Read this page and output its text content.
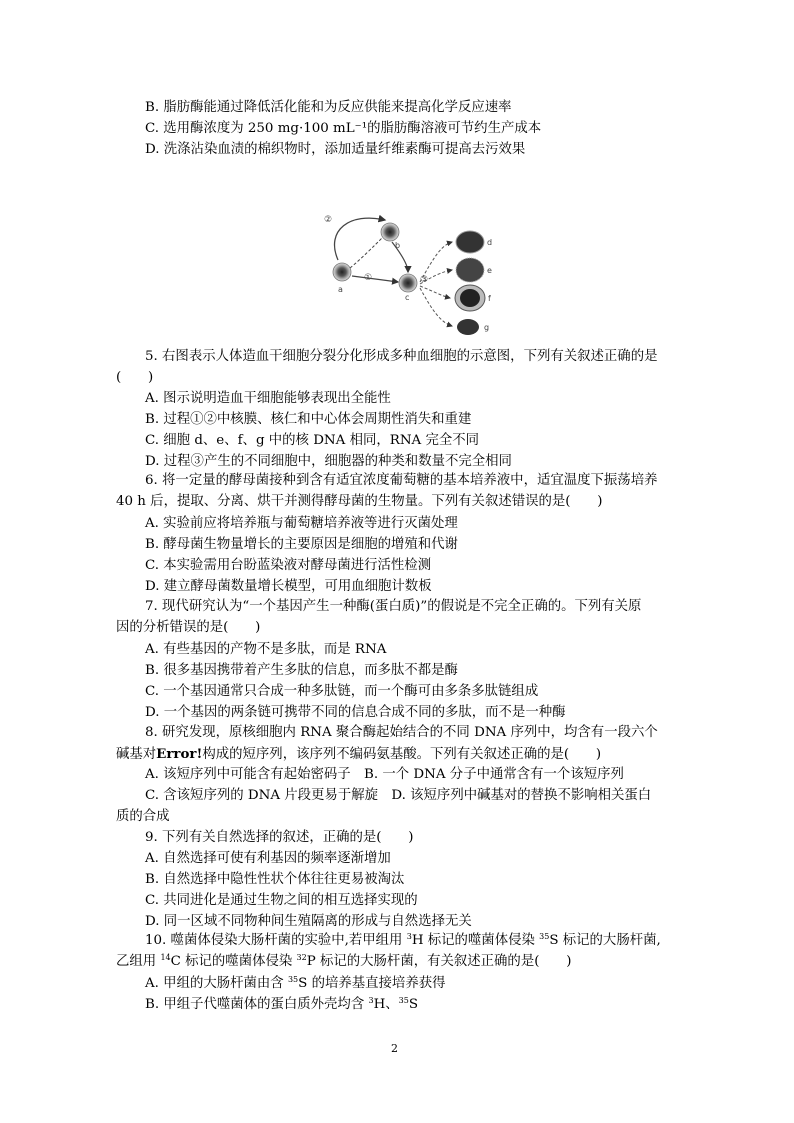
B. 脂肪酶能通过降低活化能和为反应供能来提高化学反应速率
C. 选用酶浓度为 250 mg·100 mL⁻¹的脂肪酶溶液可节约生产成本
D. 洗涤沾染血渍的棉织物时，添加适量纤维素酶可提高去污效果
②
①	③
a
b
c
d
e
f
g
5. 右图表示人体造血干细胞分裂分化形成多种血细胞的示意图，下列有关叙述正确的是
(　　)
A. 图示说明造血干细胞能够表现出全能性
B. 过程①②中核膜、核仁和中心体会周期性消失和重建
C. 细胞 d、e、f、g 中的核 DNA 相同，RNA 完全不同
D. 过程③产生的不同细胞中，细胞器的种类和数量不完全相同
6. 将一定量的酵母菌接种到含有适宜浓度葡萄糖的基本培养液中，适宜温度下振荡培养
40 h 后，提取、分离、烘干并测得酵母菌的生物量。下列有关叙述错误的是(　　)
A. 实验前应将培养瓶与葡萄糖培养液等进行灭菌处理
B. 酵母菌生物量增长的主要原因是细胞的增殖和代谢
C. 本实验需用台盼蓝染液对酵母菌进行活性检测
D. 建立酵母菌数量增长模型，可用血细胞计数板
7. 现代研究认为“一个基因产生一种酶(蛋白质)”的假说是不完全正确的。下列有关原
因的分析错误的是(　　)
A. 有些基因的产物不是多肽，而是 RNA
B. 很多基因携带着产生多肽的信息，而多肽不都是酶
C. 一个基因通常只合成一种多肽链，而一个酶可由多条多肽链组成
D. 一个基因的两条链可携带不同的信息合成不同的多肽，而不是一种酶
8. 研究发现，原核细胞内 RNA 聚合酶起始结合的不同 DNA 序列中，均含有一段六个
碱基对Error!构成的短序列，该序列不编码氨基酸。下列有关叙述正确的是(　　)
A. 该短序列中可能含有起始密码子　B. 一个 DNA 分子中通常含有一个该短序列
C. 含该短序列的 DNA 片段更易于解旋　D. 该短序列中碱基对的替换不影响相关蛋白
质的合成
9. 下列有关自然选择的叙述，正确的是(　　)
A. 自然选择可使有利基因的频率逐渐增加
B. 自然选择中隐性性状个体往往更易被淘汰
C. 共同进化是通过生物之间的相互选择实现的
D. 同一区域不同物种间生殖隔离的形成与自然选择无关
10. 噬菌体侵染大肠杆菌的实验中,若甲组用 $^3$H 标记的噬菌体侵染 $^{35}$S 标记的大肠杆菌,
乙组用 $^{14}$C 标记的噬菌体侵染 $^{32}$P 标记的大肠杆菌，有关叙述正确的是(　　)
A. 甲组的大肠杆菌由含 $^{35}$S 的培养基直接培养获得
B. 甲组子代噬菌体的蛋白质外壳均含 $^3$H、$^{35}$S
2
